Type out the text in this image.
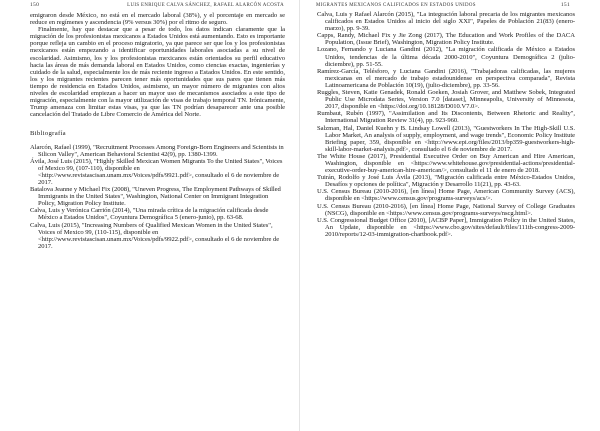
150	LUIS ENRIQUE CALVA SÁNCHEZ, RAFAEL ALARCÓN ACOSTA

emigraron desde México, no está en el mercado laboral (38%), y el porcentaje en mercado se reduce en regímenes y ascendencia (9% versus 30%) por el ritmo de seguro.

Finalmente, hay que destacar que a pesar de todo, los datos indican claramente que la migración de los profesionistas mexicanos a Estados Unidos está aumentando. Esto es importante porque refleja un cambio en el proceso migratorio, ya que parece ser que los y los profesionistas mexicanos están empezando a identificar oportunidades laborales asociadas a su nivel de escolaridad. Asimismo, los y los profesionistas mexicanos están orientados su perfil educativo hacia las áreas de más demanda laboral en Estados Unidos, como ciencias exactas, ingenierías y cuidado de la salud, especialmente los de más reciente ingreso a Estados Unidos. En este sentido, los y los migrantes recientes parecen tener más oportunidades que sus pares que tienen más tiempo de residencia en Estados Unidos, asimismo, un mayor número de migrantes con altos niveles de escolaridad empiezan a hacer un mayor uso de mecanismos asociados a este tipo de migración, especialmente con la mayor utilización de visas de trabajo temporal TN. Irónicamente, Trump amenaza con limitar estas visas, ya que las TN podrían desaparecer ante una posible cancelación del Tratado de Libre Comercio de América del Norte.

Bibliografía

Alarcón, Rafael (1999), "Recruitment Processes Among Foreign-Born Engineers and Scientists in Silicon Valley", American Behavioral Scientist 42(9), pp. 1380-1399.

Ávila, José Luis (2015), "Highly Skilled Mexican Women Migrants To the United States", Voices of Mexico 99, (107-110), disponible en <http://www.revistascisan.unam.mx/Voices/pdfs/9921.pdf>, consultado el 6 de noviembre de 2017.

Batalova Jeanne y Michael Fix (2008), "Uneven Progress, The Employment Pathways of Skilled Immigrants in the United States", Washington, National Center on Immigrant Integration Policy, Migration Policy Institute.

Calva, Luis y Verónica Carrión (2014), "Una mirada crítica de la migración calificada desde México a Estados Unidos", Coyuntura Demográfica 5 (enero-junio), pp. 63-68.

Calva, Luis (2015), "Increasing Numbers of Qualified Mexican Women in the United States", Voices of Mexico 99, (110-115), disponible en <http://www.revistascisan.unam.mx/Voices/pdfs/9922.pdf>, consultado el 6 de noviembre de 2017.

MIGRANTES MEXICANOS CALIFICADOS EN ESTADOS UNIDOS	151

Calva, Luis y Rafael Alarcón (2015), "La integración laboral precaria de los migrantes mexicanos calificados en Estados Unidos al inicio del siglo XXI", Papeles de Población 21(83) (enero-marzo), pp. 9-39.

Capps, Randy, Michael Fix y Jie Zong (2017), The Education and Work Profiles of the DACA Population, (Issue Brief), Washington, Migration Policy Institute.

Lozano, Fernando y Luciana Gandini (2012), "La migración calificada de México a Estados Unidos, tendencias de la última década 2000-2010", Coyuntura Demográfica 2 (julio-diciembre), pp. 51-55.

Ramírez-García, Telésforo, y Luciana Gandini (2016), "Trabajadoras calificadas, las mujeres mexicanas en el mercado de trabajo estadounidense en perspectiva comparada", Revista Latinoamericana de Población 10(19), (julio-diciembre), pp. 33-56.

Ruggles, Steven, Katie Genadek, Ronald Goeken, Josiah Grover, and Matthew Sobek, Integrated Public Use Microdata Series, Version 7.0 [dataset], Minneapolis, University of Minnesota, 2017, disponible en <https://doi.org/10.18128/D010.V7.0>.

Rumbaut, Rubén (1997), "Assimilation and Its Discontents, Between Rhetoric and Reality", International Migration Review 31(4), pp. 923-960.

Salzman, Hal, Daniel Kuehn y B. Lindsay Lowell (2013), "Guestworkers In The High-Skill U.S. Labor Market, An analysis of supply, employment, and wage trends", Economic Policy Institute Briefing paper, 359, disponible en <http://www.epi.org/files/2013/bp359-guestworkers-high-skill-labor-market-analysis.pdf>, consultado el 6 de noviembre de 2017.

The White House (2017), Presidential Executive Order on Buy American and Hire American, Washington, disponible en <https://www.whitehouse.gov/presidential-actions/presidential-executive-order-buy-american-hire-american/>, consultado el 11 de enero de 2018.

Tuirán, Rodolfo y José Luis Ávila (2013), "Migración calificada entre México-Estados Unidos, Desafíos y opciones de política", Migración y Desarrollo 11(21), pp. 43-63.

U.S. Census Bureau (2010-2016), [en línea] Home Page, American Community Survey (ACS), disponible en <https://www.census.gov/programs-surveys/acs/>.

U.S. Census Bureau (2010-2016), [en línea] Home Page, National Survey of College Graduates (NSCG), disponible en <https://www.census.gov/programs-surveys/nscg.html>.

U.S. Congressional Budget Office (2010), [ACBP Paper], Immigration Policy in the United States, An Update, disponible en <https://www.cbo.gov/sites/default/files/111th-congress-2009-2010/reports/12-03-immigration-chartbook.pdf>.
